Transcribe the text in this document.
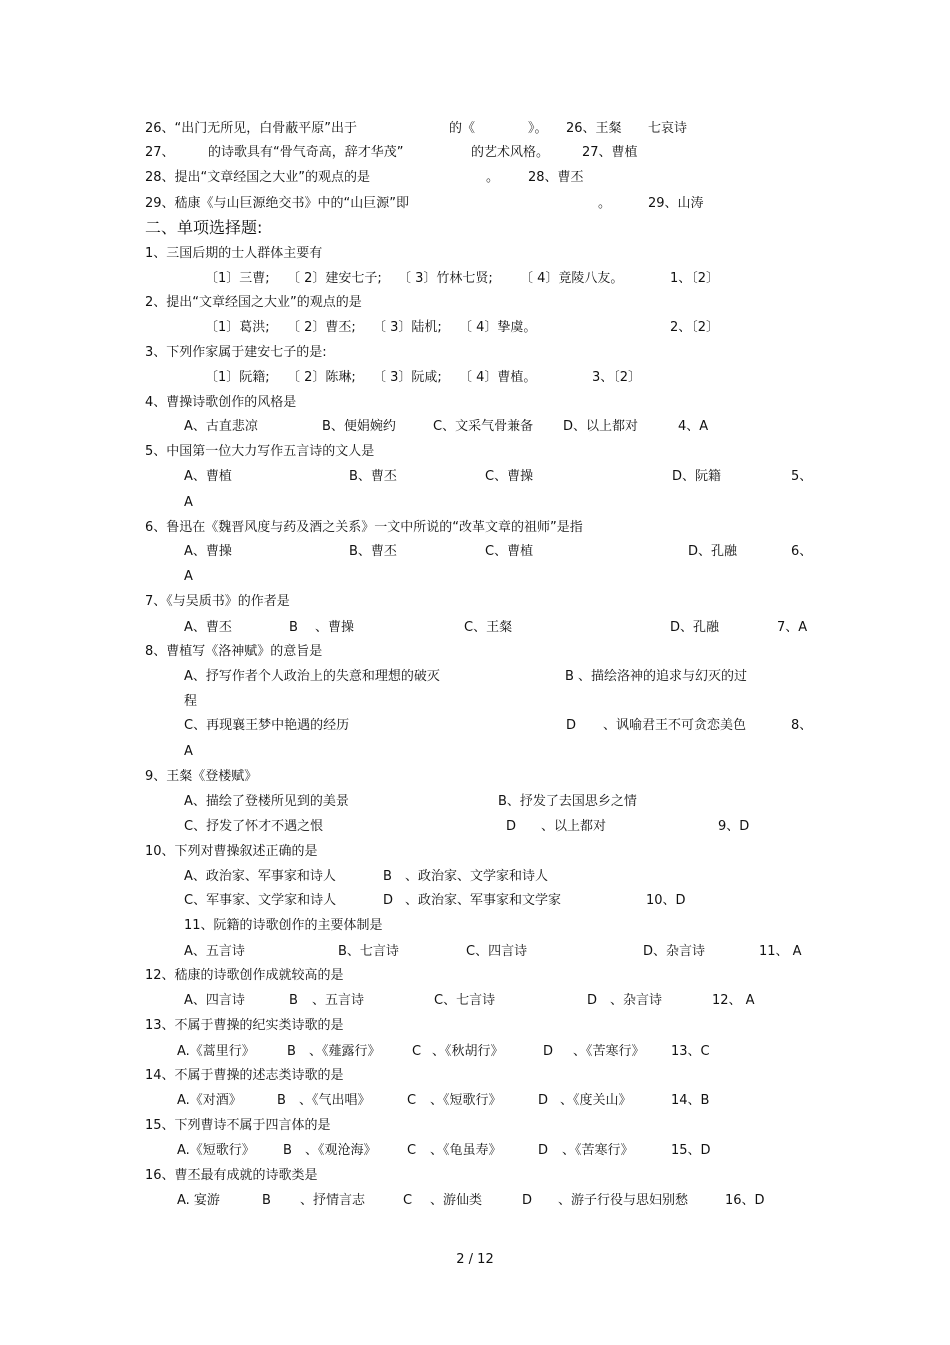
26、“出门无所见，白骨蔽平原”出于	的《	》。 26、王粲 七哀诗
27、	的诗歌具有“骨气奇高，辞才华茂”	的艺术风格。	27、曹植
28、提出“文章经国之大业”的观点的是	。 28、曹丕
29、嵇康《与山巨源绝交书》中的“山巨源”即	。	29、山涛
二、单项选择题:
1、三国后期的士人群体主要有
〔1〕三曹; 〔 2〕建安七子; 〔 3〕竹林七贤; 〔 4〕竟陵八友。	1、〔2〕
2、提出“文章经国之大业”的观点的是
〔1〕葛洪; 〔 2〕曹丕; 〔 3〕陆机; 〔 4〕挚虞。	2、〔2〕
3、下列作家属于建安七子的是:
〔1〕阮籍; 〔 2〕陈琳; 〔 3〕阮咸; 〔 4〕曹植。	3、〔2〕
4、曹操诗歌创作的风格是
A、古直悲凉	B、便娟婉约	C、文采气骨兼备 D、以上都对	4、A
5、中国第一位大力写作五言诗的文人是
A、曹植	B、曹丕	C、曹操	D、阮籍	5、
A
6、鲁迅在《魏晋风度与药及酒之关系》一文中所说的“改革文章的祖师”是指
A、曹操	B、曹丕	C、曹植	D、孔融	6、
A
7、《与吴质书》的作者是
A、曹丕	B 、曹操	C、王粲	D、孔融	7、A
8、曹植写《洛神赋》的意旨是
A、抒写作者个人政治上的失意和理想的破灭	B 、描绘洛神的追求与幻灭的过
程
C、再现襄王梦中艳遇的经历	D 、讽喻君王不可贪恋美色	8、
A
9、王粲《登楼赋》
A、描绘了登楼所见到的美景	B、抒发了去国思乡之情
C、抒发了怀才不遇之恨	D 、以上都对	9、D
10、下列对曹操叙述正确的是
A、政治家、军事家和诗人	B 、政治家、文学家和诗人
C、军事家、文学家和诗人	D 、政治家、军事家和文学家	10、D
11、阮籍的诗歌创作的主要体制是
A、五言诗	B、七言诗	C、四言诗	D、杂言诗	11、 A
12、嵇康的诗歌创作成就较高的是
A、四言诗	B 、五言诗	C、七言诗	D 、杂言诗	12、 A
13、不属于曹操的纪实类诗歌的是
A.《蒿里行》 B 、《薤露行》 C 、《秋胡行》	D 、《苦寒行》 13、C
14、不属于曹操的述志类诗歌的是
A.《对酒》	B 、《气出唱》	C 、《短歌行》	D 、《度关山》	14、B
15、下列曹诗不属于四言体的是
A.《短歌行》 B 、《观沧海》 C 、《龟虽寿》	D 、《苦寒行》	15、D
16、曹丕最有成就的诗歌类是
A. 宴游	B 、抒情言志	C 、游仙类	D 、游子行役与思妇别愁	16、D
2 / 12
